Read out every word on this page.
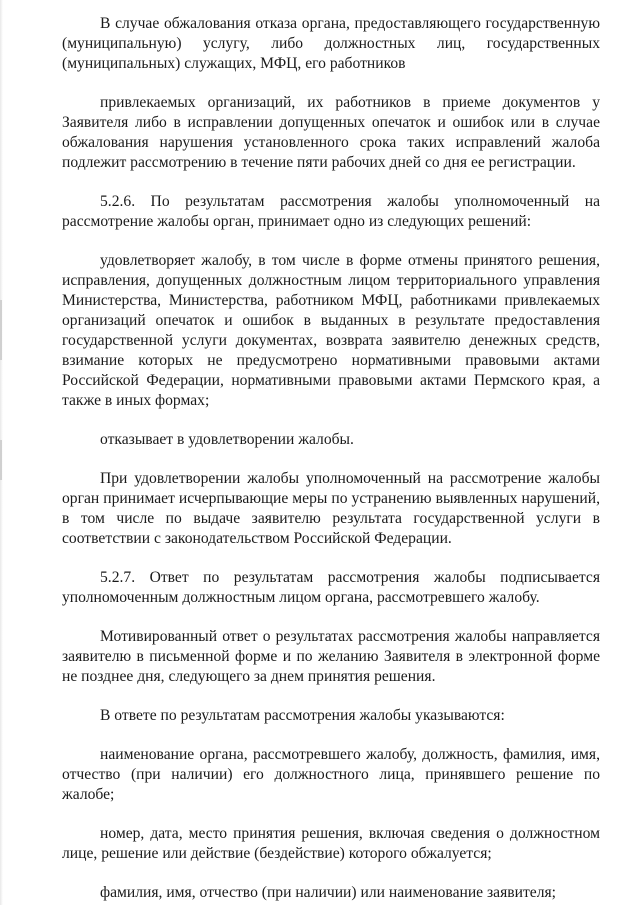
В случае обжалования отказа органа, предоставляющего государственную (муниципальную) услугу, либо должностных лиц, государственных (муниципальных) служащих, МФЦ, его работников

привлекаемых организаций, их работников в приеме документов у Заявителя либо в исправлении допущенных опечаток и ошибок или в случае обжалования нарушения установленного срока таких исправлений жалоба подлежит рассмотрению в течение пяти рабочих дней со дня ее регистрации.

5.2.6. По результатам рассмотрения жалобы уполномоченный на рассмотрение жалобы орган, принимает одно из следующих решений:

удовлетворяет жалобу, в том числе в форме отмены принятого решения, исправления, допущенных должностным лицом территориального управления Министерства, Министерства, работником МФЦ, работниками привлекаемых организаций опечаток и ошибок в выданных в результате предоставления государственной услуги документах, возврата заявителю денежных средств, взимание которых не предусмотрено нормативными правовыми актами Российской Федерации, нормативными правовыми актами Пермского края, а также в иных формах;

отказывает в удовлетворении жалобы.

При удовлетворении жалобы уполномоченный на рассмотрение жалобы орган принимает исчерпывающие меры по устранению выявленных нарушений, в том числе по выдаче заявителю результата государственной услуги в соответствии с законодательством Российской Федерации.

5.2.7. Ответ по результатам рассмотрения жалобы подписывается уполномоченным должностным лицом органа, рассмотревшего жалобу.

Мотивированный ответ о результатах рассмотрения жалобы направляется заявителю в письменной форме и по желанию Заявителя в электронной форме не позднее дня, следующего за днем принятия решения.

В ответе по результатам рассмотрения жалобы указываются:

наименование органа, рассмотревшего жалобу, должность, фамилия, имя, отчество (при наличии) его должностного лица, принявшего решение по жалобе;

номер, дата, место принятия решения, включая сведения о должностном лице, решение или действие (бездействие) которого обжалуется;

фамилия, имя, отчество (при наличии) или наименование заявителя;
